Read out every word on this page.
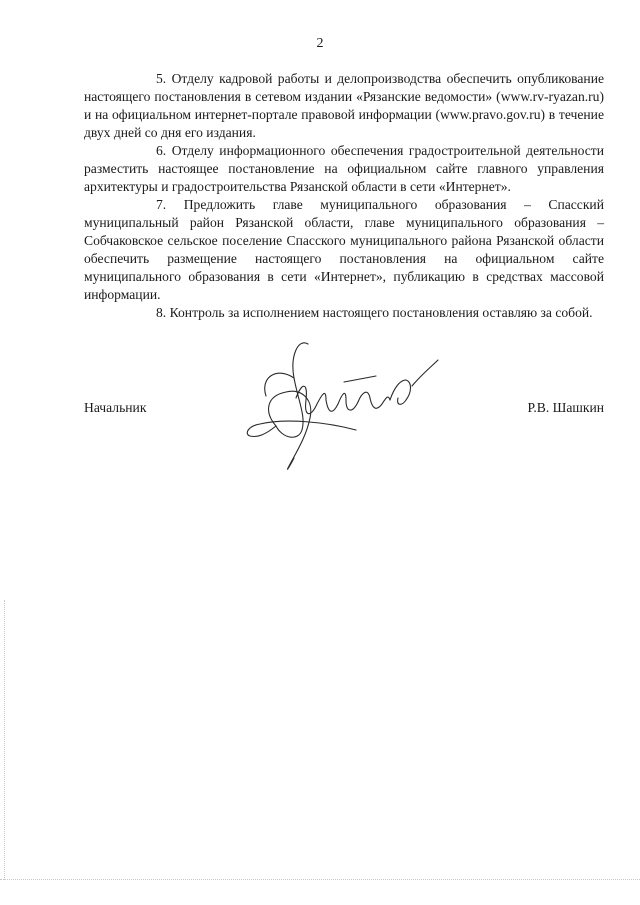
2

5. Отделу кадровой работы и делопроизводства обеспечить опубликование настоящего постановления в сетевом издании «Рязанские ведомости» (www.rv-ryazan.ru) и на официальном интернет-портале правовой информации (www.pravo.gov.ru) в течение двух дней со дня его издания.

6. Отделу информационного обеспечения градостроительной деятельности разместить настоящее постановление на официальном сайте главного управления архитектуры и градостроительства Рязанской области в сети «Интернет».

7. Предложить главе муниципального образования – Спасский муниципальный район Рязанской области, главе муниципального образования – Собчаковское сельское поселение Спасского муниципального района Рязанской области обеспечить размещение настоящего постановления на официальном сайте муниципального образования в сети «Интернет», публикацию в средствах массовой информации.

8. Контроль за исполнением настоящего постановления оставляю за собой.

Начальник	Р.В. Шашкин
